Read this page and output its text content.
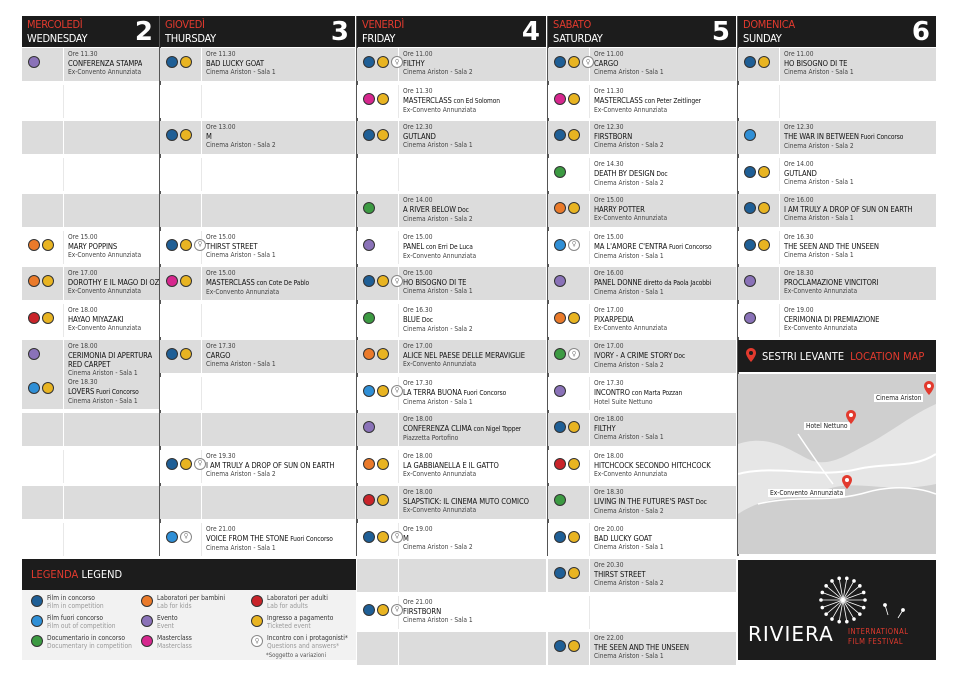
MERCOLEDÌ
WEDNESDAY 2
Ore 11.30
CONFERENZA STAMPA
Ex-Convento Annunziata
Ore 15.00
MARY POPPINS
Ex-Convento Annunziata
Ore 17.00
DOROTHY E IL MAGO DI OZ
Ex-Convento Annunziata
Ore 18.00
HAYAO MIYAZAKI
Ex-Convento Annunziata
Ore 18.00
CERIMONIA DI APERTURA
RED CARPET
Cinema Ariston - Sala 1
Ore 18.30
LOVERS Fuori Concorso
Cinema Ariston - Sala 1
GIOVEDÌ
THURSDAY	3
Ore 11.30
BAD LUCKY GOAT
Cinema Ariston - Sala 1
Ore 13.00
M
Cinema Ariston - Sala 2
♀
Ore 15.00
THIRST STREET
Cinema Ariston - Sala 1
Ore 15.00
MASTERCLASS con Cote De Pablo
Ex-Convento Annunziata
Ore 17.30
CARGO
Cinema Ariston - Sala 1
♀
Ore 19.30
I AM TRULY A DROP OF SUN ON EARTH
Cinema Ariston - Sala 2
♀
Ore 21.00
VOICE FROM THE STONE Fuori Concorso
Cinema Ariston - Sala 1
VENERDÌ
FRIDAY	4
♀
Ore 11.00
FILTHY
Cinema Ariston - Sala 2
Ore 11.30
MASTERCLASS con Ed Solomon
Ex-Convento Annunziata
Ore 12.30
GUTLAND
Cinema Ariston - Sala 1
Ore 14.00
A RIVER BELOW Doc
Cinema Ariston - Sala 2
Ore 15.00
PANEL con Erri De Luca
Ex-Convento Annunziata
♀
Ore 15.00
HO BISOGNO DI TE
Cinema Ariston - Sala 1
Ore 16.30
BLUE Doc
Cinema Ariston - Sala 2
Ore 17.00
ALICE NEL PAESE DELLE MERAVIGLIE
Ex-Convento Annunziata
♀
Ore 17.30
LA TERRA BUONA Fuori Concorso
Cinema Ariston - Sala 1
Ore 18.00
CONFERENZA CLIMA con Nigel Topper
Piazzetta Portofino
Ore 18.00
LA GABBIANELLA E IL GATTO
Ex-Convento Annunziata
Ore 18.00
SLAPSTICK: IL CINEMA MUTO COMICO
Ex-Convento Annunziata
♀
Ore 19.00
M
Cinema Ariston - Sala 2
♀
Ore 21.00
FIRSTBORN
Cinema Ariston - Sala 1
SABATO
SATURDAY	5
♀
Ore 11.00
CARGO
Cinema Ariston - Sala 1
Ore 11.30
MASTERCLASS con Peter Zeitlinger
Ex-Convento Annunziata
Ore 12.30
FIRSTBORN
Cinema Ariston - Sala 2
Ore 14.30
DEATH BY DESIGN Doc
Cinema Ariston - Sala 2
Ore 15.00
HARRY POTTER
Ex-Convento Annunziata
♀
Ore 15.00
MA L'AMORE C'ENTRA Fuori Concorso
Cinema Ariston - Sala 1
Ore 16.00
PANEL DONNE diretto da Paola Jacobbi
Cinema Ariston - Sala 1
Ore 17.00
PIXARPEDIA
Ex-Convento Annunziata
♀
Ore 17.00
IVORY - A CRIME STORY Doc
Cinema Ariston - Sala 2
Ore 17.30
INCONTRO con Marta Pozzan
Hotel Suite Nettuno
Ore 18.00
FILTHY
Cinema Ariston - Sala 1
Ore 18.00
HITCHCOCK SECONDO HITCHCOCK
Ex-Convento Annunziata
Ore 18.30
LIVING IN THE FUTURE'S PAST Doc
Cinema Ariston - Sala 2
Ore 20.00
BAD LUCKY GOAT
Cinema Ariston - Sala 1
Ore 20.30
THIRST STREET
Cinema Ariston - Sala 2
Ore 22.00
THE SEEN AND THE UNSEEN
Cinema Ariston - Sala 1
DOMENICA
SUNDAY	6
Ore 11.00
HO BISOGNO DI TE
Cinema Ariston - Sala 1
Ore 12.30
THE WAR IN BETWEEN Fuori Concorso
Cinema Ariston - Sala 2
Ore 14.00
GUTLAND
Cinema Ariston - Sala 1
Ore 16.00
I AM TRULY A DROP OF SUN ON EARTH
Cinema Ariston - Sala 1
Ore 16.30
THE SEEN AND THE UNSEEN
Cinema Ariston - Sala 1
Ore 18.30
PROCLAMAZIONE VINCITORI
Ex-Convento Annunziata
Ore 19.00
CERIMONIA DI PREMIAZIONE
Ex-Convento Annunziata
LEGENDA LEGEND
Film in concorso
Film in competition
Film fuori concorso
Film out of competition
Documentario in concorso
Documentary in competition
Laboratori per bambini
Lab for kids
Evento
Event
Masterclass
Masterclass
Laboratori per adulti
Lab for adults
Ingresso a pagamento
Ticketed event
♀	Incontro con i protagonisti*
Questions and answers*
*Soggetto a variazioni
SESTRI LEVANTE LOCATION MAP
Cinema Ariston
Hotel Nettuno
Ex-Convento Annunziata
RIVIERA INTERNATIONAL
FILM FESTIVAL
